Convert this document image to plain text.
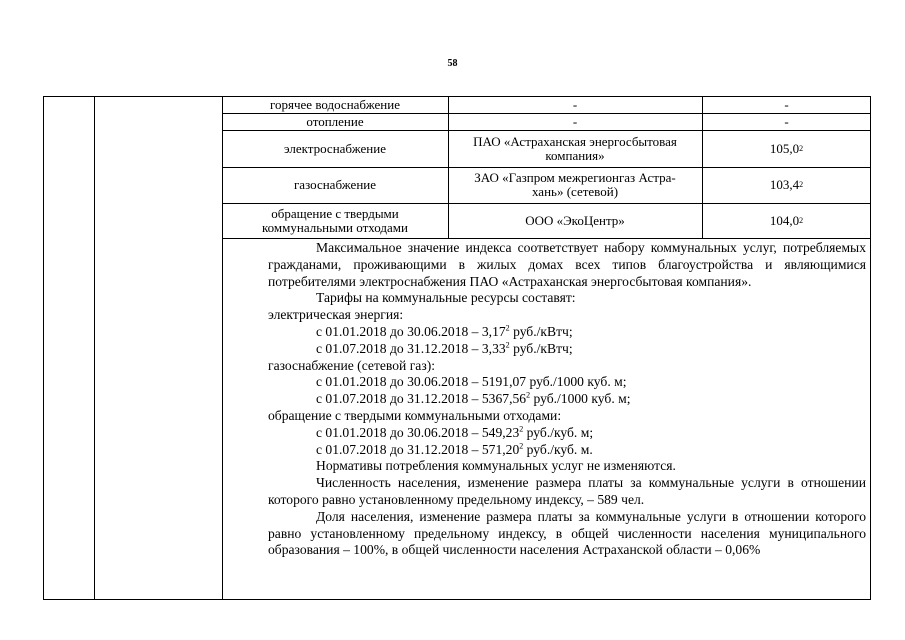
58
горячее водоснабжение	-	-
отопление	-	-
электроснабжение	ПАО «Астраханская энергосбытовая компания»	105,0 2
газоснабжение	ЗАО «Газпром межрегионгаз Астра-хань» (сетевой)	103,4 2
обращение с твердыми коммунальными отходами	ООО «ЭкоЦентр»	104,0 2

Максимальное значение индекса соответствует набору коммунальных услуг, потребляемых гражданами, проживающими в жилых домах всех типов благоустройства и являющимися потребителями электроснабжения ПАО «Астраханская энергосбытовая компания».

Тарифы на коммунальные ресурсы составят:

электрическая энергия:

с 01.01.2018 до 30.06.2018 – 3,17$^2$ руб./кВтч;

с 01.07.2018 до 31.12.2018 – 3,33$^2$ руб./кВтч;

газоснабжение (сетевой газ):

с 01.01.2018 до 30.06.2018 – 5191,07 руб./1000 куб. м;

с 01.07.2018 до 31.12.2018 – 5367,56$^2$ руб./1000 куб. м;

обращение с твердыми коммунальными отходами:

с 01.01.2018 до 30.06.2018 – 549,23$^2$ руб./куб. м;

с 01.07.2018 до 31.12.2018 – 571,20$^2$ руб./куб. м.

Нормативы потребления коммунальных услуг не изменяются.

Численность населения, изменение размера платы за коммунальные услуги в отношении которого равно установленному предельному индексу, – 589 чел.

Доля населения, изменение размера платы за коммунальные услуги в отношении которого равно установленному предельному индексу, в общей численности населения муниципального образования – 100%, в общей численности населения Астраханской области – 0,06%
